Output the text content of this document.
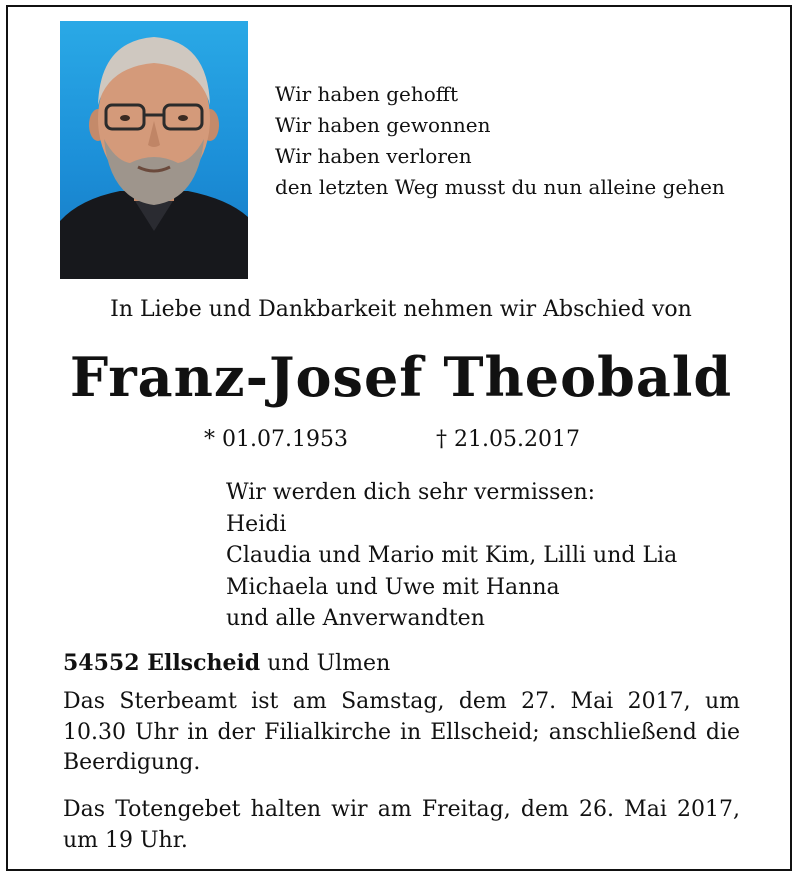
Wir haben gehofft
Wir haben gewonnen
Wir haben verloren
den letzten Weg musst du nun alleine gehen
In Liebe und Dankbarkeit nehmen wir Abschied von
Franz-Josef Theobald
* 01.07.1953	† 21.05.2017
Wir werden dich sehr vermissen:
Heidi
Claudia und Mario mit Kim, Lilli und Lia
Michaela und Uwe mit Hanna
und alle Anverwandten
54552 Ellscheid und Ulmen
Das Sterbeamt ist am Samstag, dem 27. Mai 2017, um 10.30 Uhr in der Filialkirche in Ellscheid; anschließend die Beerdigung.
Das Totengebet halten wir am Freitag, dem 26. Mai 2017, um 19 Uhr.
